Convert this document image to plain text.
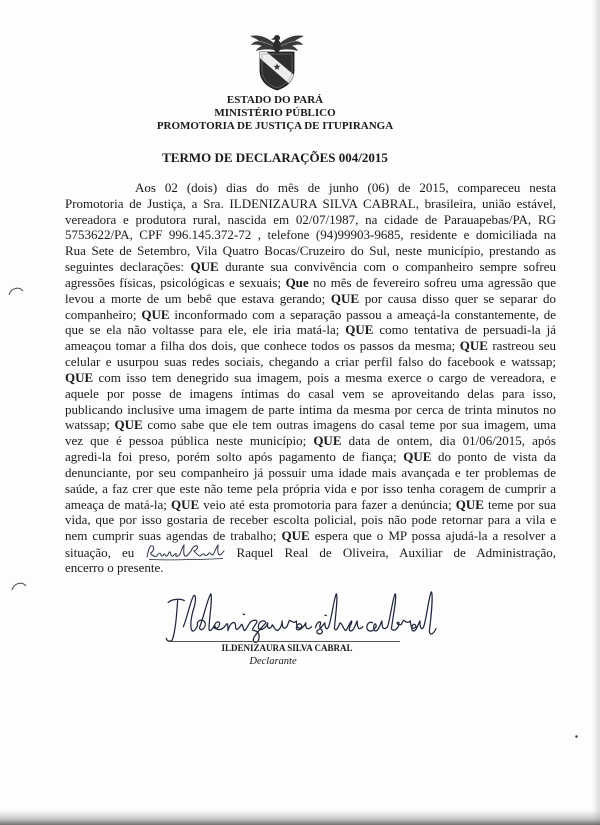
ESTADO DO PARÁ
MINISTÉRIO PÚBLICO
PROMOTORIA DE JUSTIÇA DE ITUPIRANGA
TERMO DE DECLARAÇÕES 004/2015
Aos 02 (dois) dias do mês de junho (06) de 2015, compareceu nesta
Promotoria de Justiça, a Sra. ILDENIZAURA SILVA CABRAL, brasileira, união estável,
vereadora e produtora rural, nascida em 02/07/1987, na cidade de Parauapebas/PA, RG
5753622/PA, CPF 996.145.372-72 , telefone (94)99903-9685, residente e domiciliada na
Rua Sete de Setembro, Vila Quatro Bocas/Cruzeiro do Sul, neste município, prestando as
seguintes declarações: QUE durante sua convivência com o companheiro sempre sofreu
agressões físicas, psicológicas e sexuais; Que no mês de fevereiro sofreu uma agressão que
levou a morte de um bebê que estava gerando; QUE por causa disso quer se separar do
companheiro; QUE inconformado com a separação passou a ameaçá-la constantemente, de
que se ela não voltasse para ele, ele iria matá-la; QUE como tentativa de persuadi-la já
ameaçou tomar a filha dos dois, que conhece todos os passos da mesma; QUE rastreou seu
celular e usurpou suas redes sociais, chegando a criar perfil falso do facebook e watssap;
QUE com isso tem denegrido sua imagem, pois a mesma exerce o cargo de vereadora, e
aquele por posse de imagens íntimas do casal vem se aproveitando delas para isso,
publicando inclusive uma imagem de parte intima da mesma por cerca de trinta minutos no
watssap; QUE como sabe que ele tem outras imagens do casal teme por sua imagem, uma
vez que é pessoa pública neste município; QUE data de ontem, dia 01/06/2015, após
agredi-la foi preso, porém solto após pagamento de fiança; QUE do ponto de vista da
denunciante, por seu companheiro já possuir uma idade mais avançada e ter problemas de
saúde, a faz crer que este não teme pela própria vida e por isso tenha coragem de cumprir a
ameaça de matá-la; QUE veio até esta promotoria para fazer a denúncia; QUE teme por sua
vida, que por isso gostaria de receber escolta policial, pois não pode retornar para a vila e
nem cumprir suas agendas de trabalho; QUE espera que o MP possa ajudá-la a resolver a
situação, eu	Raquel Real de Oliveira, Auxiliar de Administração,
encerro o presente.
ILDENIZAURA SILVA CABRAL
Declarante
